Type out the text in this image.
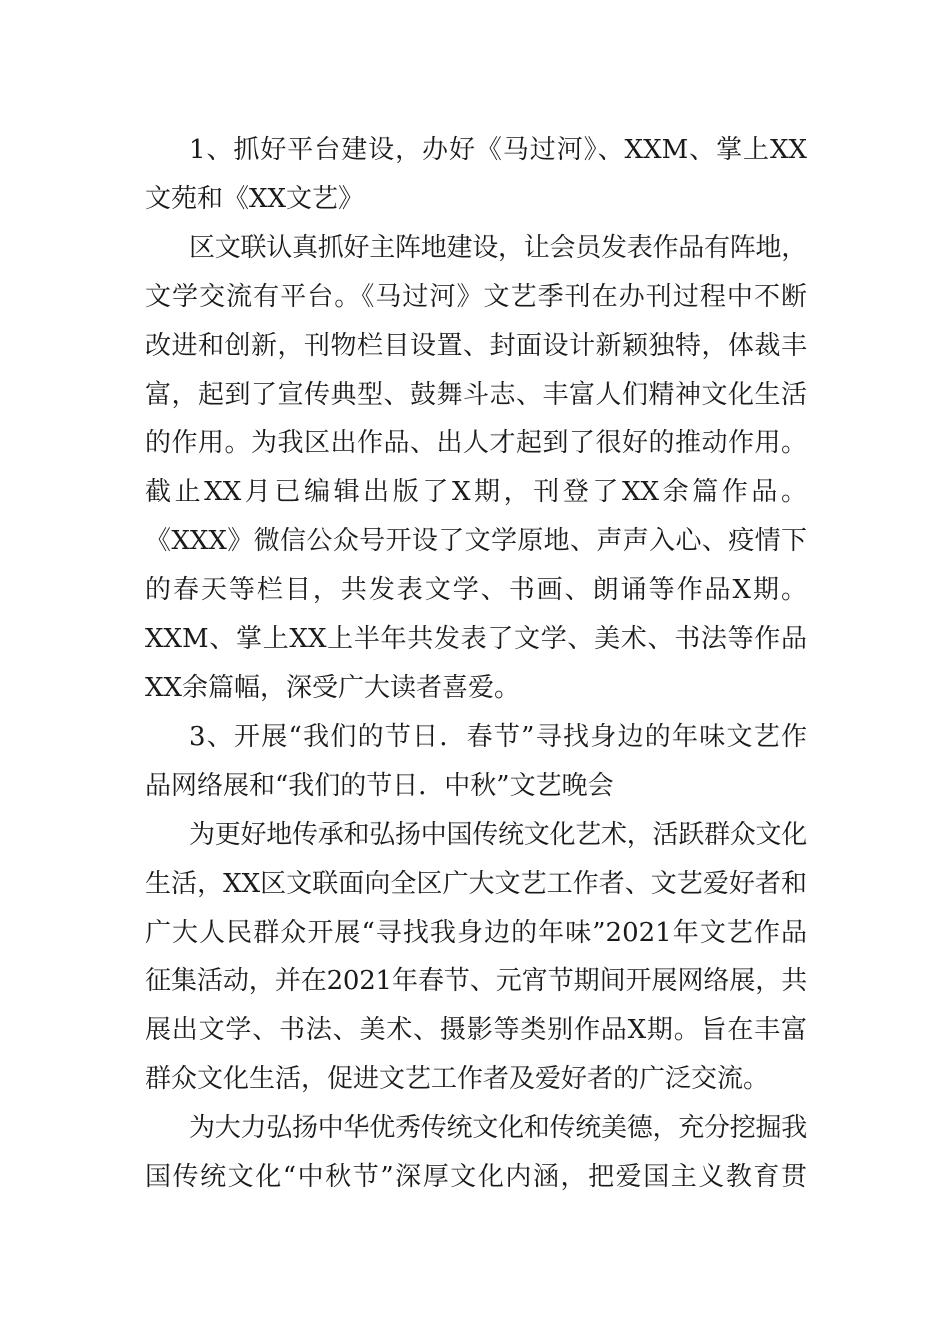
1、抓好平台建设，办好《马过河》、XXM、掌上XX
文苑和《XX文艺》

区文联认真抓好主阵地建设，让会员发表作品有阵地，
文学交流有平台。《马过河》文艺季刊在办刊过程中不断
改进和创新，刊物栏目设置、封面设计新颖独特，体裁丰
富，起到了宣传典型、鼓舞斗志、丰富人们精神文化生活
的作用。为我区出作品、出人才起到了很好的推动作用。
截止XX月已编辑出版了X期，刊登了XX余篇作品。
《XXX》微信公众号开设了文学原地、声声入心、疫情下
的春天等栏目，共发表文学、书画、朗诵等作品X期。
XXM、掌上XX上半年共发表了文学、美术、书法等作品
XX余篇幅，深受广大读者喜爱。

3、开展“我们的节日．春节”寻找身边的年味文艺作
品网络展和“我们的节日．中秋”文艺晚会

为更好地传承和弘扬中国传统文化艺术，活跃群众文化
生活，XX区文联面向全区广大文艺工作者、文艺爱好者和
广大人民群众开展“寻找我身边的年味”2021年文艺作品
征集活动，并在2021年春节、元宵节期间开展网络展，共
展出文学、书法、美术、摄影等类别作品X期。旨在丰富
群众文化生活，促进文艺工作者及爱好者的广泛交流。

为大力弘扬中华优秀传统文化和传统美德，充分挖掘我
国传统文化“中秋节”深厚文化内涵，把爱国主义教育贯
